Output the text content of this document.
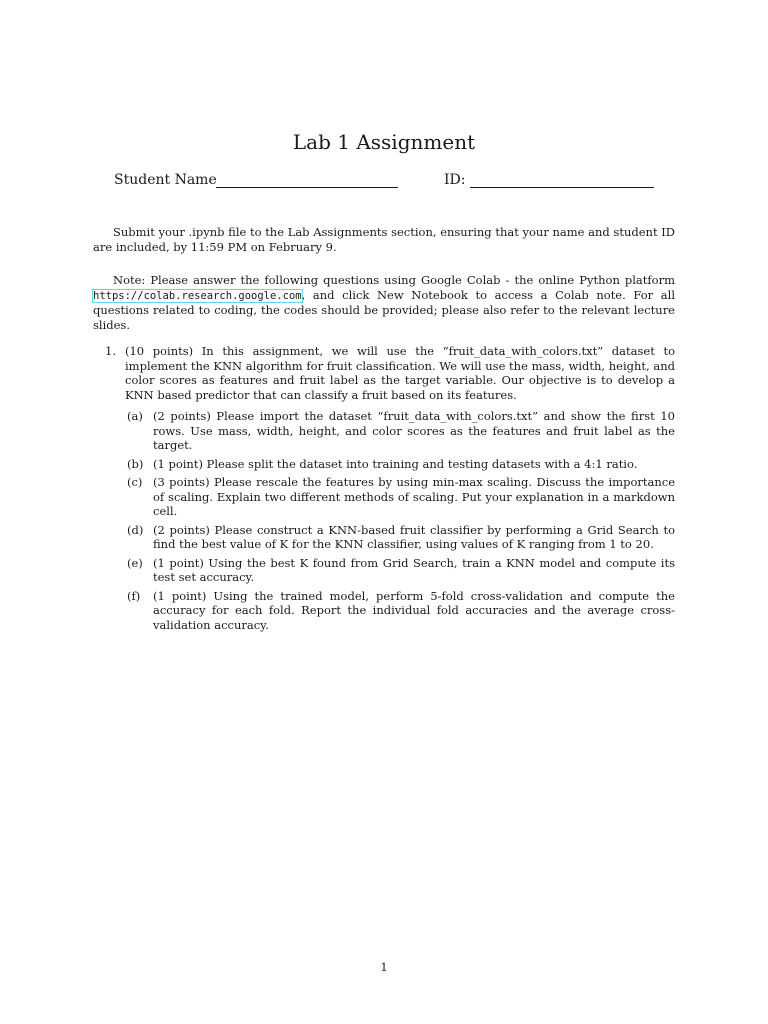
Lab 1 Assignment
Student Name	ID:

Submit your .ipynb file to the Lab Assignments section, ensuring that your name and student ID are included, by 11:59 PM on February 9.

Note: Please answer the following questions using Google Colab - the online Python platform https://colab.research.google.com, and click New Notebook to access a Colab note. For all questions related to coding, the codes should be provided; please also refer to the relevant lecture slides.

1. (10 points) In this assignment, we will use the “fruit_data_with_colors.txt” dataset to implement the KNN algorithm for fruit classification. We will use the mass, width, height, and color scores as features and fruit label as the target variable. Our objective is to develop a KNN based predictor that can classify a fruit based on its features.
(a) (2 points) Please import the dataset “fruit_data_with_colors.txt” and show the first 10 rows. Use mass, width, height, and color scores as the features and fruit label as the target.
(b) (1 point) Please split the dataset into training and testing datasets with a 4:1 ratio.
(c) (3 points) Please rescale the features by using min-max scaling. Discuss the importance of scaling. Explain two different methods of scaling. Put your explanation in a markdown cell.
(d) (2 points) Please construct a KNN-based fruit classifier by performing a Grid Search to find the best value of K for the KNN classifier, using values of K ranging from 1 to 20.
(e) (1 point) Using the best K found from Grid Search, train a KNN model and compute its test set accuracy.
(f) (1 point) Using the trained model, perform 5-fold cross-validation and compute the accuracy for each fold. Report the individual fold accuracies and the average cross-validation accuracy.
1
